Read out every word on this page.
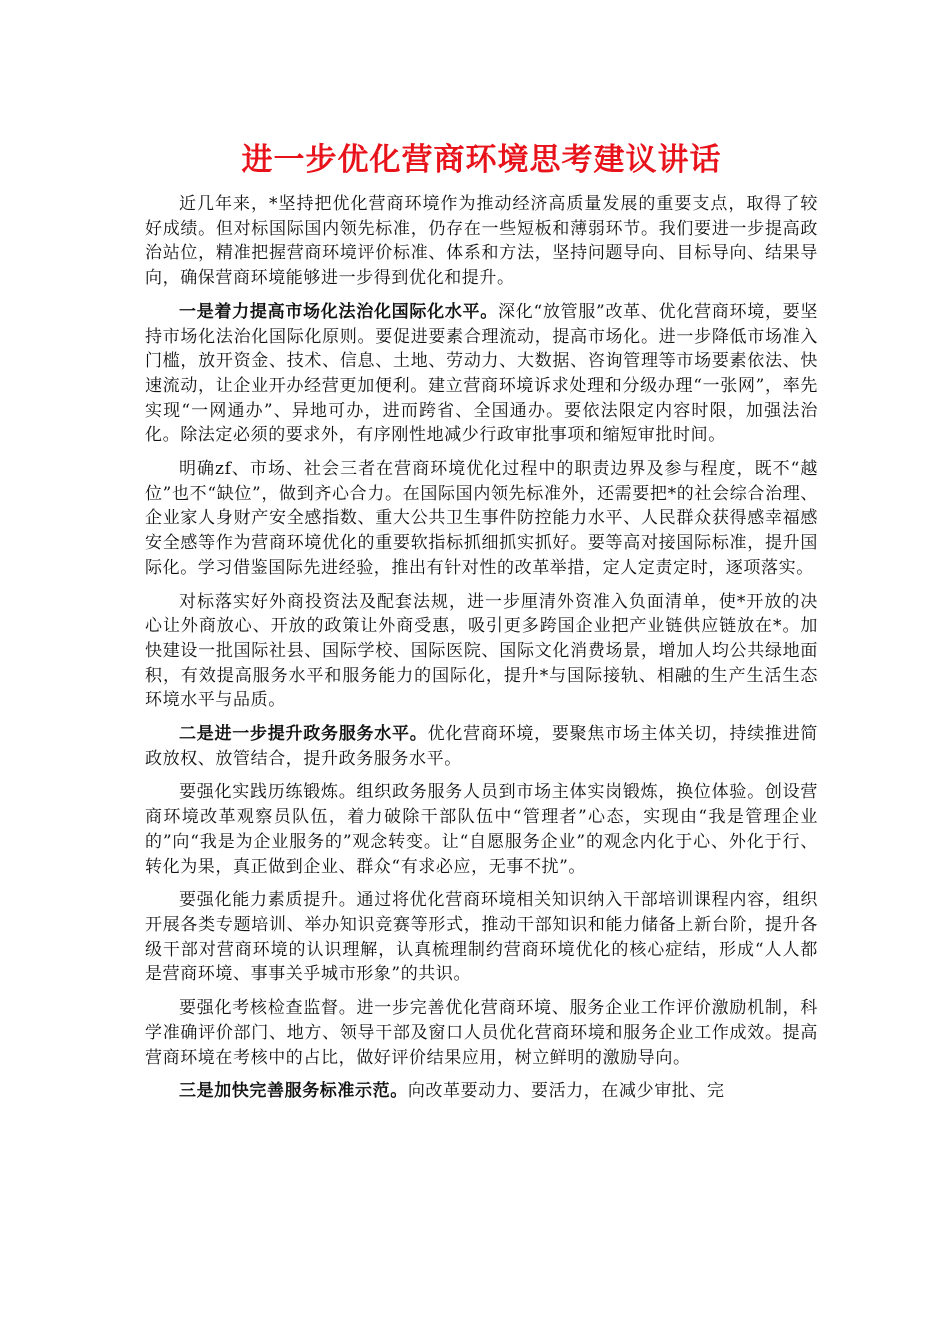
进一步优化营商环境思考建议讲话

近几年来，*坚持把优化营商环境作为推动经济高质量发展的重要支点，取得了较好成绩。但对标国际国内领先标准，仍存在一些短板和薄弱环节。我们要进一步提高政治站位，精准把握营商环境评价标准、体系和方法，坚持问题导向、目标导向、结果导向，确保营商环境能够进一步得到优化和提升。

一是着力提高市场化法治化国际化水平。深化“放管服”改革、优化营商环境，要坚持市场化法治化国际化原则。要促进要素合理流动，提高市场化。进一步降低市场准入门槛，放开资金、技术、信息、土地、劳动力、大数据、咨询管理等市场要素依法、快速流动，让企业开办经营更加便利。建立营商环境诉求处理和分级办理“一张网”，率先实现“一网通办”、异地可办，进而跨省、全国通办。要依法限定内容时限，加强法治化。除法定必须的要求外，有序刚性地减少行政审批事项和缩短审批时间。

明确zf、市场、社会三者在营商环境优化过程中的职责边界及参与程度，既不“越位”也不“缺位”，做到齐心合力。在国际国内领先标准外，还需要把*的社会综合治理、企业家人身财产安全感指数、重大公共卫生事件防控能力水平、人民群众获得感幸福感安全感等作为营商环境优化的重要软指标抓细抓实抓好。要等高对接国际标准，提升国际化。学习借鉴国际先进经验，推出有针对性的改革举措，定人定责定时，逐项落实。

对标落实好外商投资法及配套法规，进一步厘清外资准入负面清单，使*开放的决心让外商放心、开放的政策让外商受惠，吸引更多跨国企业把产业链供应链放在*。加快建设一批国际社县、国际学校、国际医院、国际文化消费场景，增加人均公共绿地面积，有效提高服务水平和服务能力的国际化，提升*与国际接轨、相融的生产生活生态环境水平与品质。

二是进一步提升政务服务水平。优化营商环境，要聚焦市场主体关切，持续推进简政放权、放管结合，提升政务服务水平。

要强化实践历练锻炼。组织政务服务人员到市场主体实岗锻炼，换位体验。创设营商环境改革观察员队伍，着力破除干部队伍中“管理者”心态，实现由“我是管理企业的”向“我是为企业服务的”观念转变。让“自愿服务企业”的观念内化于心、外化于行、转化为果，真正做到企业、群众“有求必应，无事不扰”。

要强化能力素质提升。通过将优化营商环境相关知识纳入干部培训课程内容，组织开展各类专题培训、举办知识竞赛等形式，推动干部知识和能力储备上新台阶，提升各级干部对营商环境的认识理解，认真梳理制约营商环境优化的核心症结，形成“人人都是营商环境、事事关乎城市形象”的共识。

要强化考核检查监督。进一步完善优化营商环境、服务企业工作评价激励机制，科学准确评价部门、地方、领导干部及窗口人员优化营商环境和服务企业工作成效。提高营商环境在考核中的占比，做好评价结果应用，树立鲜明的激励导向。

三是加快完善服务标准示范。向改革要动力、要活力，在减少审批、完
